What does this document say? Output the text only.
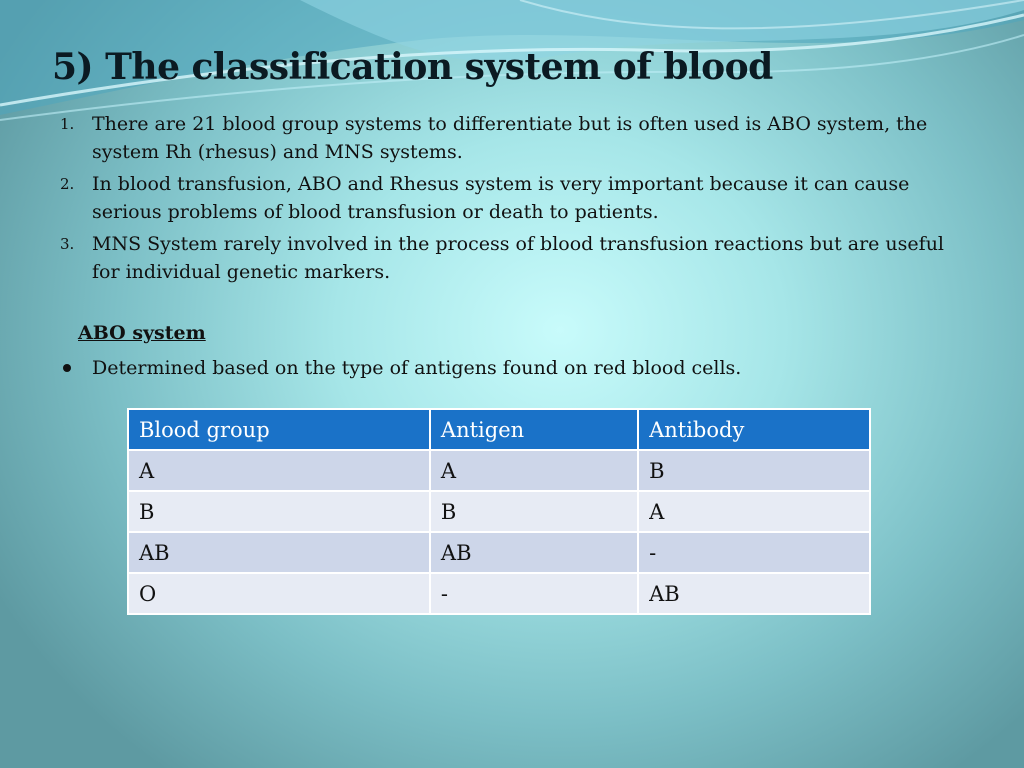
5) The classification system of blood
1. There are 21 blood group systems to differentiate but is often used is ABO system, the system Rh (rhesus) and MNS systems.
2. In blood transfusion, ABO and Rhesus system is very important because it can cause serious problems of blood transfusion or death to patients.
3. MNS System rarely involved in the process of blood transfusion reactions but are useful for individual genetic markers.
ABO system
Determined based on the type of antigens found on red blood cells.
Blood group	Antigen	Antibody
A	A	B
B	B	A
AB	AB	-
O	-	AB
